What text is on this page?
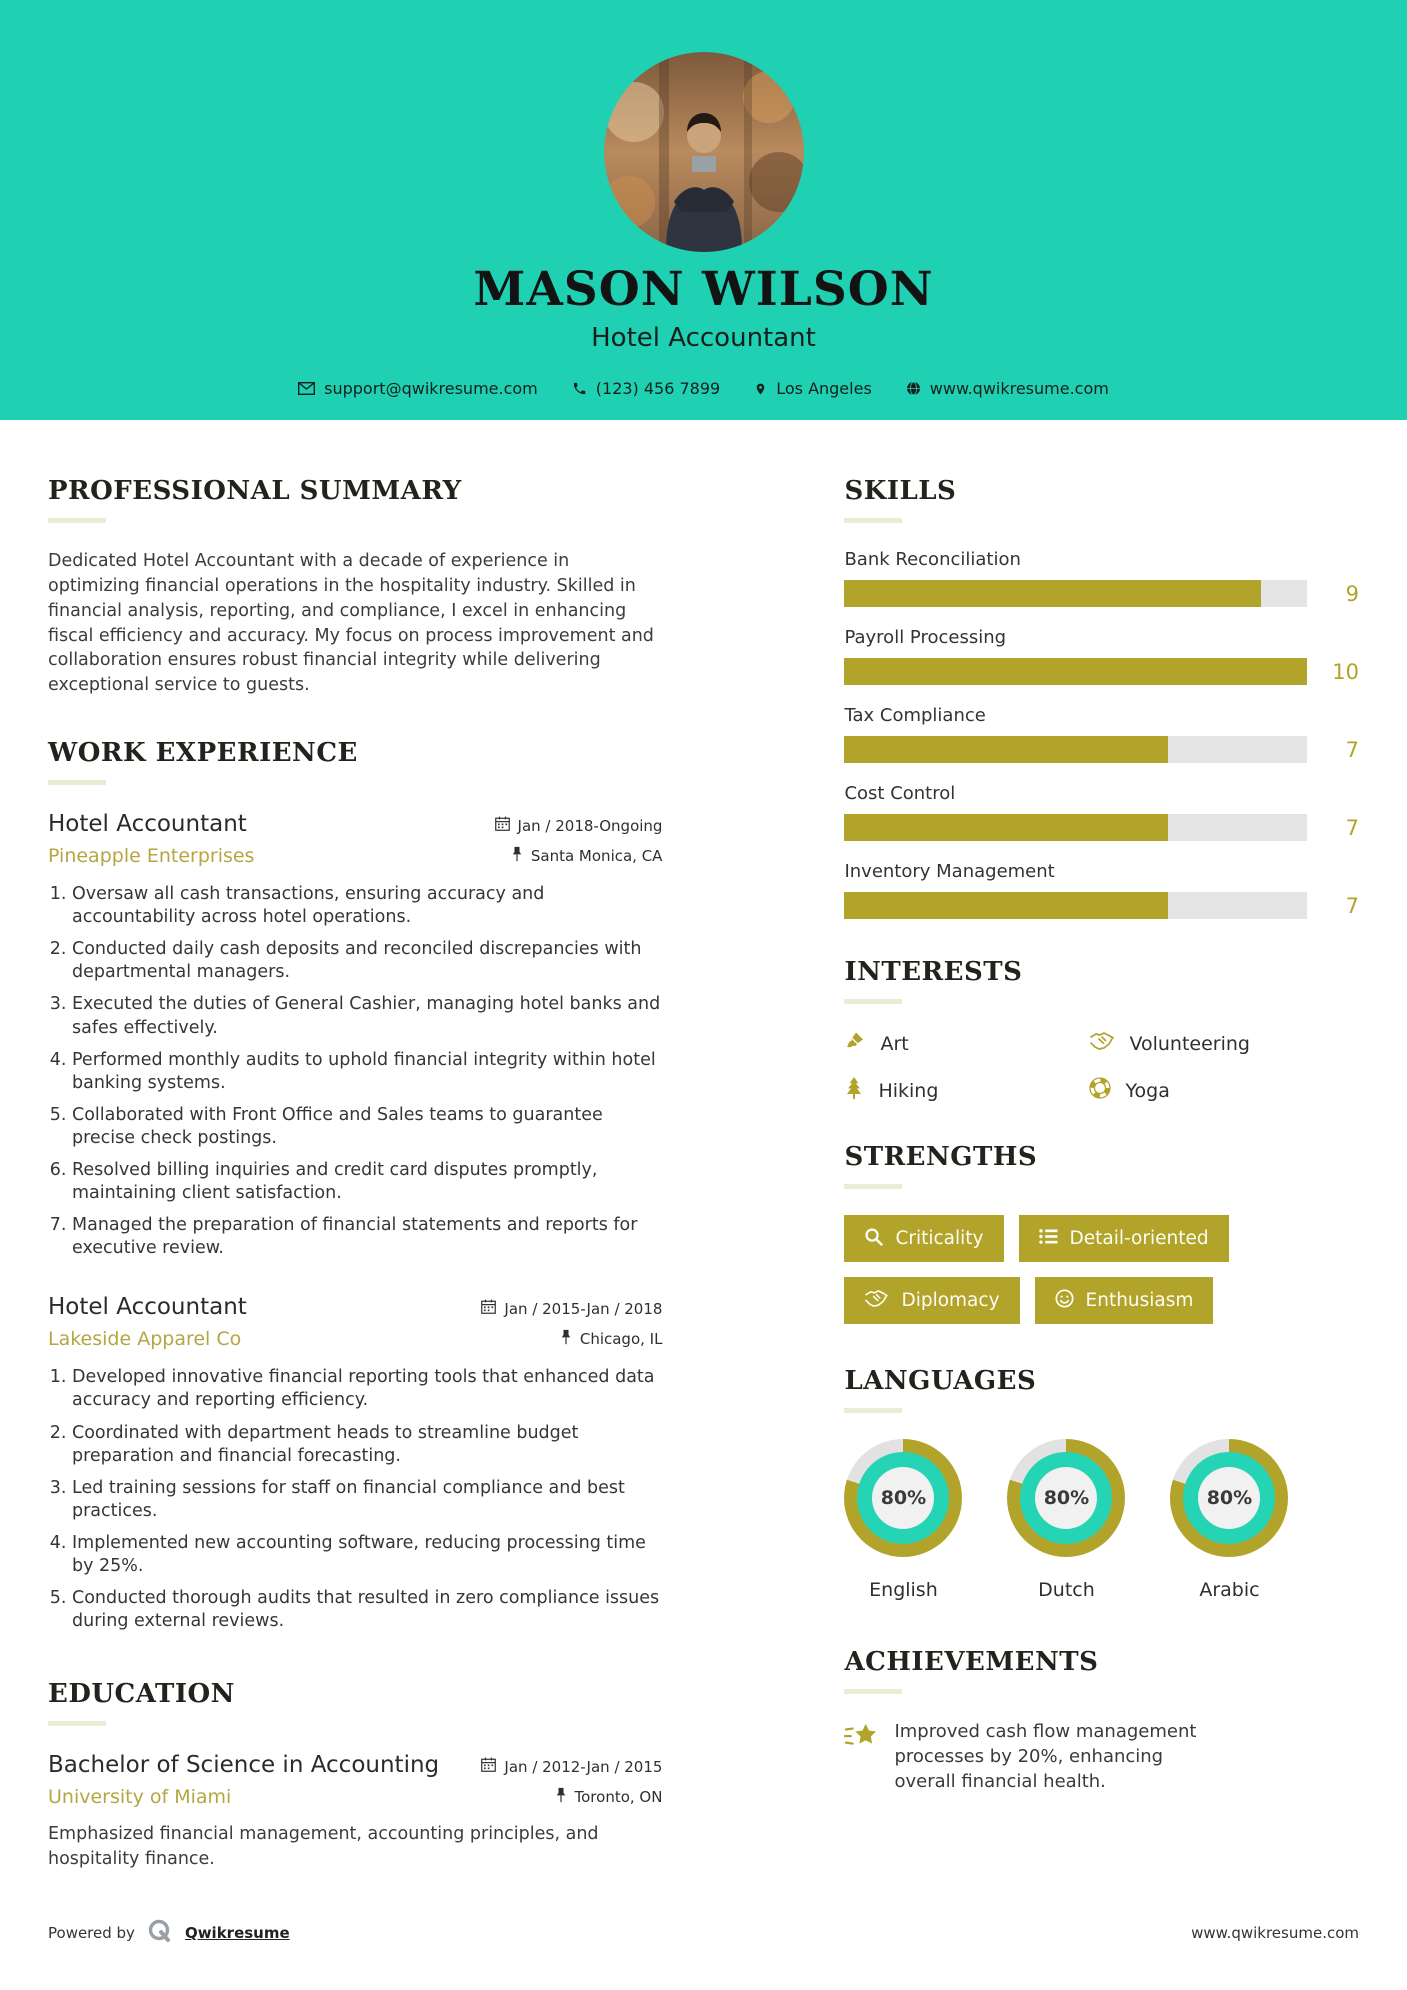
MASON WILSON
Hotel Accountant
support@qwikresume.com	(123) 456 7899	Los Angeles	www.qwikresume.com
PROFESSIONAL SUMMARY

Dedicated Hotel Accountant with a decade of experience in optimizing financial operations in the hospitality industry. Skilled in financial analysis, reporting, and compliance, I excel in enhancing fiscal efficiency and accuracy. My focus on process improvement and collaboration ensures robust financial integrity while delivering exceptional service to guests.

WORK EXPERIENCE
Hotel Accountant	Jan / 2018-Ongoing
Pineapple Enterprises	Santa Monica, CA
1. Oversaw all cash transactions, ensuring accuracy and accountability across hotel operations.
2. Conducted daily cash deposits and reconciled discrepancies with departmental managers.
3. Executed the duties of General Cashier, managing hotel banks and safes effectively.
4. Performed monthly audits to uphold financial integrity within hotel banking systems.
5. Collaborated with Front Office and Sales teams to guarantee precise check postings.
6. Resolved billing inquiries and credit card disputes promptly, maintaining client satisfaction.
7. Managed the preparation of financial statements and reports for executive review.
Hotel Accountant	Jan / 2015-Jan / 2018
Lakeside Apparel Co	Chicago, IL
1. Developed innovative financial reporting tools that enhanced data accuracy and reporting efficiency.
2. Coordinated with department heads to streamline budget preparation and financial forecasting.
3. Led training sessions for staff on financial compliance and best practices.
4. Implemented new accounting software, reducing processing time by 25%.
5. Conducted thorough audits that resulted in zero compliance issues during external reviews.
EDUCATION
Bachelor of Science in Accounting	Jan / 2012-Jan / 2015
University of Miami	Toronto, ON

Emphasized financial management, accounting principles, and hospitality finance.

SKILLS
Bank Reconciliation
9
Payroll Processing
10
Tax Compliance
7
Cost Control
7
Inventory Management
7
INTERESTS
Art	Volunteering
Hiking	Yoga
STRENGTHS
Criticality	Detail-oriented
Diplomacy	Enthusiasm
LANGUAGES
80%
English
80%
Dutch
80%
Arabic
ACHIEVEMENTS

Improved cash flow management processes by 20%, enhancing overall financial health.

Powered by	Qwikresume	www.qwikresume.com
